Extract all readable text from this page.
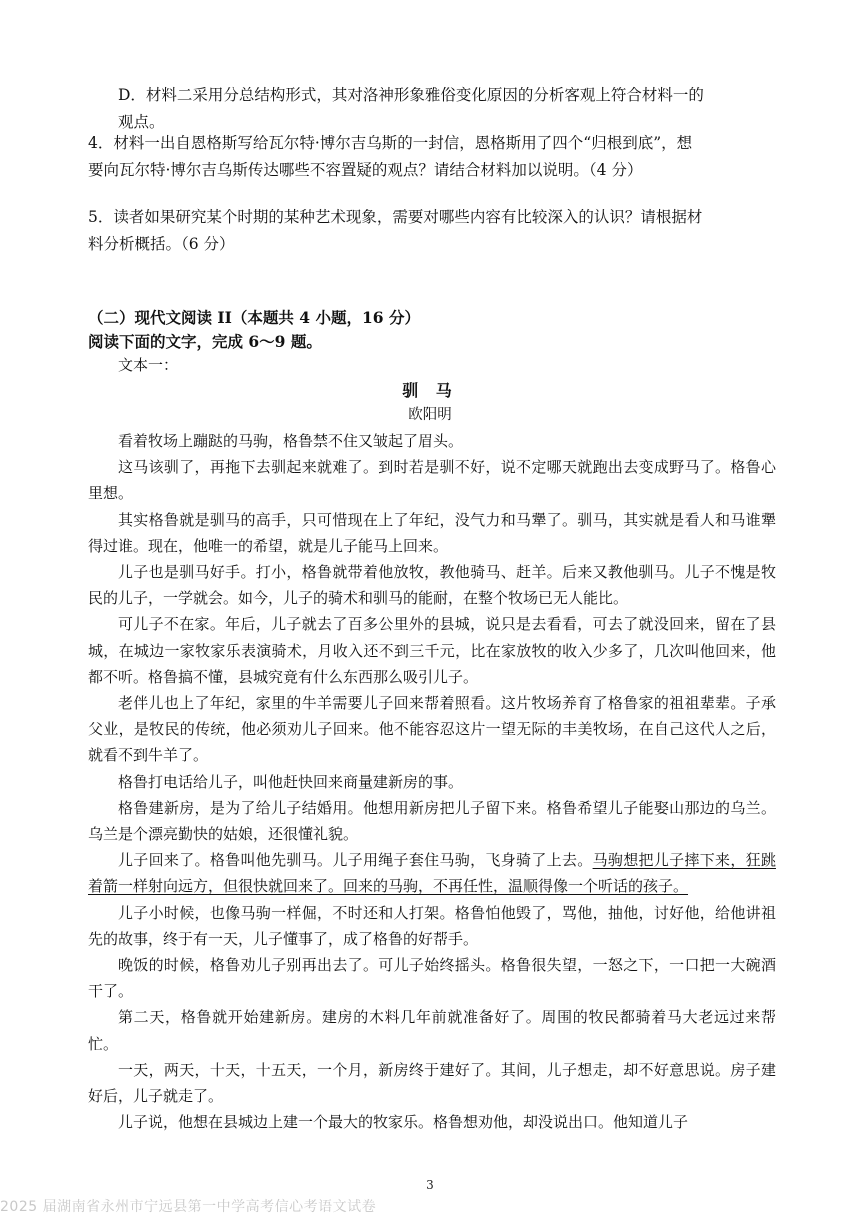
D．材料二采用分总结构形式，其对洛神形象雅俗变化原因的分析客观上符合材料一的
观点。
4．材料一出自恩格斯写给瓦尔特·博尔吉乌斯的一封信，恩格斯用了四个“归根到底”，想
要向瓦尔特·博尔吉乌斯传达哪些不容置疑的观点？请结合材料加以说明。（4 分）
5．读者如果研究某个时期的某种艺术现象，需要对哪些内容有比较深入的认识？请根据材
料分析概括。（6 分）
（二）现代文阅读 II（本题共 4 小题，16 分）
阅读下面的文字，完成 6～9 题。
文本一：
驯 马
欧阳明

看着牧场上蹦跶的马驹，格鲁禁不住又皱起了眉头。

这马该驯了，再拖下去驯起来就难了。到时若是驯不好，说不定哪天就跑出去变成野马了。格鲁心里想。

其实格鲁就是驯马的高手，只可惜现在上了年纪，没气力和马犟了。驯马，其实就是看人和马谁犟得过谁。现在，他唯一的希望，就是儿子能马上回来。

儿子也是驯马好手。打小，格鲁就带着他放牧，教他骑马、赶羊。后来又教他驯马。儿子不愧是牧民的儿子，一学就会。如今，儿子的骑术和驯马的能耐，在整个牧场已无人能比。

可儿子不在家。年后，儿子就去了百多公里外的县城，说只是去看看，可去了就没回来，留在了县城，在城边一家牧家乐表演骑术，月收入还不到三千元，比在家放牧的收入少多了，几次叫他回来，他都不听。格鲁搞不懂，县城究竟有什么东西那么吸引儿子。

老伴儿也上了年纪，家里的牛羊需要儿子回来帮着照看。这片牧场养育了格鲁家的祖祖辈辈。子承父业，是牧民的传统，他必须劝儿子回来。他不能容忍这片一望无际的丰美牧场，在自己这代人之后，就看不到牛羊了。

格鲁打电话给儿子，叫他赶快回来商量建新房的事。

格鲁建新房，是为了给儿子结婚用。他想用新房把儿子留下来。格鲁希望儿子能娶山那边的乌兰。乌兰是个漂亮勤快的姑娘，还很懂礼貌。

儿子回来了。格鲁叫他先驯马。儿子用绳子套住马驹，飞身骑了上去。马驹想把儿子摔下来，狂跳着箭一样射向远方，但很快就回来了。回来的马驹，不再任性，温顺得像一个听话的孩子。

儿子小时候，也像马驹一样倔，不时还和人打架。格鲁怕他毁了，骂他，抽他，讨好他，给他讲祖先的故事，终于有一天，儿子懂事了，成了格鲁的好帮手。

晚饭的时候，格鲁劝儿子别再出去了。可儿子始终摇头。格鲁很失望，一怒之下，一口把一大碗酒干了。

第二天，格鲁就开始建新房。建房的木料几年前就准备好了。周围的牧民都骑着马大老远过来帮忙。

一天，两天，十天，十五天，一个月，新房终于建好了。其间，儿子想走，却不好意思说。房子建好后，儿子就走了。

儿子说，他想在县城边上建一个最大的牧家乐。格鲁想劝他，却没说出口。他知道儿子

3
2025 届湖南省永州市宁远县第一中学高考信心考语文试卷
